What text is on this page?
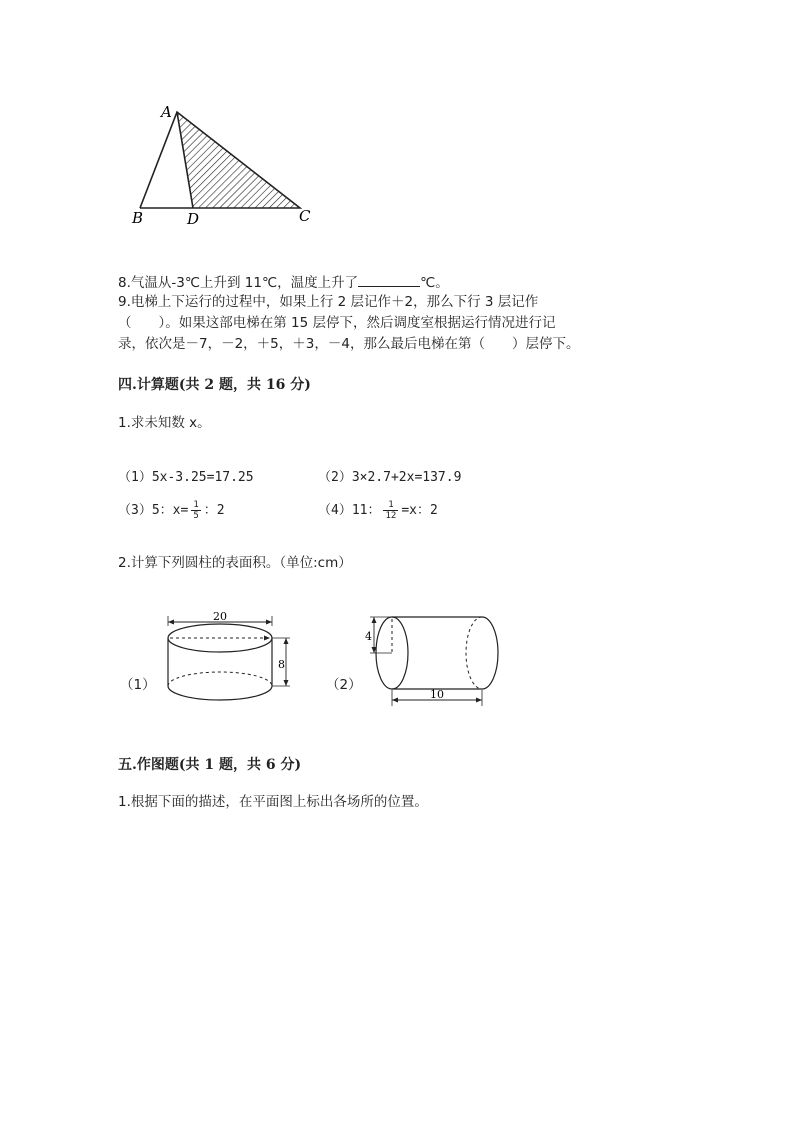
A
B	D	C
8.气温从-3℃上升到 11℃，温度上升了	℃。
9.电梯上下运行的过程中，如果上行 2 层记作＋2，那么下行 3 层记作
（　　）。如果这部电梯在第 15 层停下，然后调度室根据运行情况进行记
录，依次是－7，－2，＋5，＋3，－4，那么最后电梯在第（　　）层停下。
四.计算题(共 2 题，共 16 分)
1.求未知数 x。
（1）5x-3.25=17.25	（2）3×2.7+2x=137.9
（3）5：$x= \frac{1}{5}$ ：2	（4）11： $\frac{1}{12} =x$：2
2.计算下列圆柱的表面积。（单位:cm）
（1）
20
8
（2）
4
10
五.作图题(共 1 题，共 6 分)
1.根据下面的描述，在平面图上标出各场所的位置。
